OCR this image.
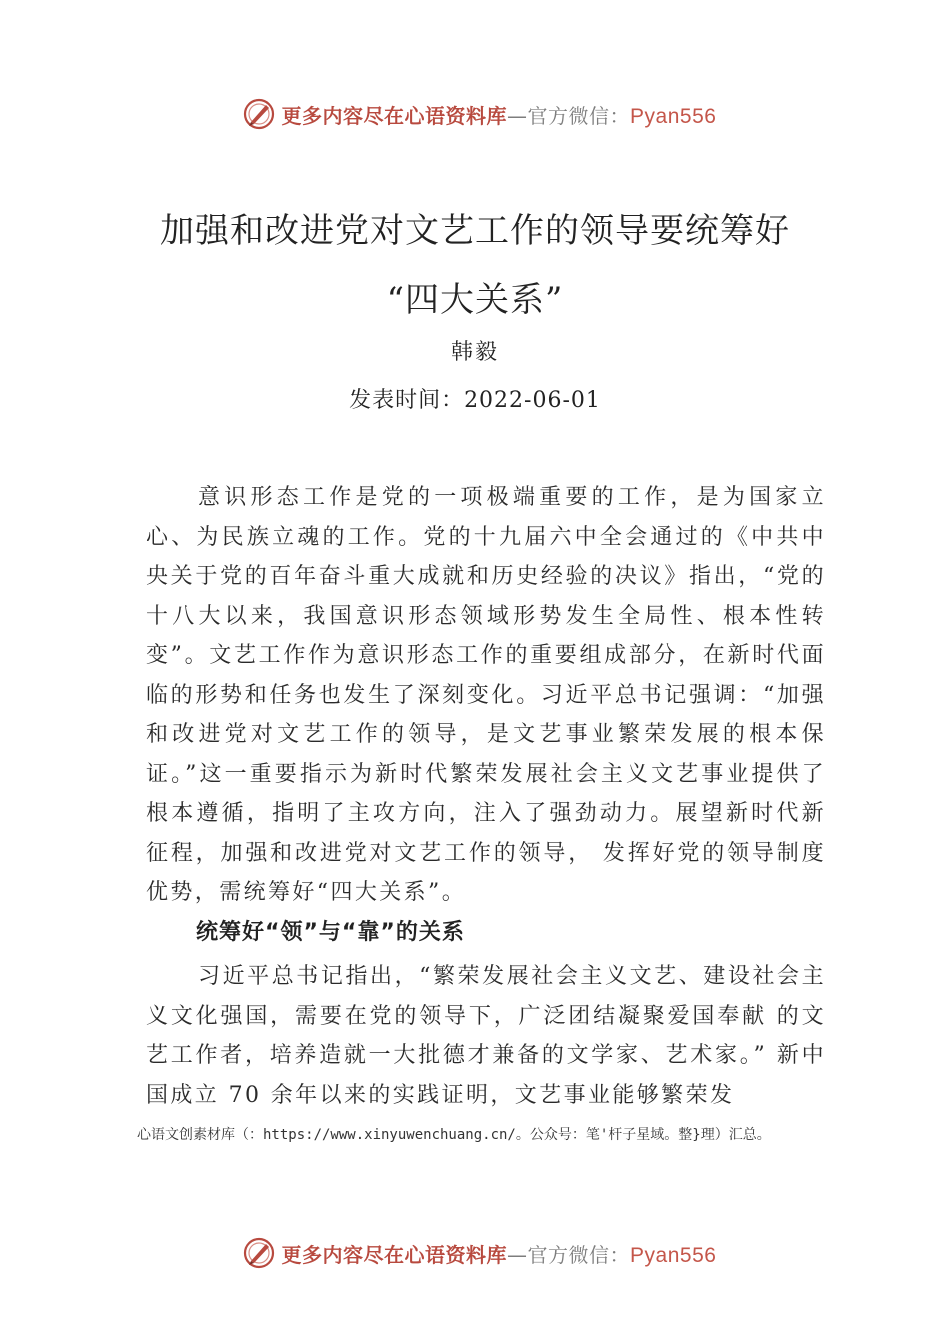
更多内容尽在心语资料库—官方微信：Pyan556
加强和改进党对文艺工作的领导要统筹好
“四大关系”
韩毅
发表时间：2022-06-01
意识形态工作是党的一项极端重要的工作，是为国家立心、为民族立魂的工作。党的十九届六中全会通过的《中共中央关于党的百年奋斗重大成就和历史经验的决议》指出，“党的十八大以来，我国意识形态领域形势发生全局性、根本性转变”。文艺工作作为意识形态工作的重要组成部分，在新时代面临的形势和任务也发生了深刻变化。习近平总书记强调：“加强和改进党对文艺工作的领导，是文艺事业繁荣发展的根本保证。”这一重要指示为新时代繁荣发展社会主义文艺事业提供了根本遵循，指明了主攻方向，注入了强劲动力。展望新时代新征程，加强和改进党对文艺工作的领导， 发挥好党的领导制度优势，需统筹好“四大关系”。
统筹好“领”与“靠”的关系
习近平总书记指出，“繁荣发展社会主义文艺、建设社会主义文化强国，需要在党的领导下，广泛团结凝聚爱国奉献 的文艺工作者，培养造就一大批德才兼备的文学家、艺术家。” 新中国成立 70 余年以来的实践证明，文艺事业能够繁荣发
心语文创素材库（：https://www.xinyuwenchuang.cn/。公众号：笔'杆子星域。整}理）汇总。
更多内容尽在心语资料库—官方微信：Pyan556
